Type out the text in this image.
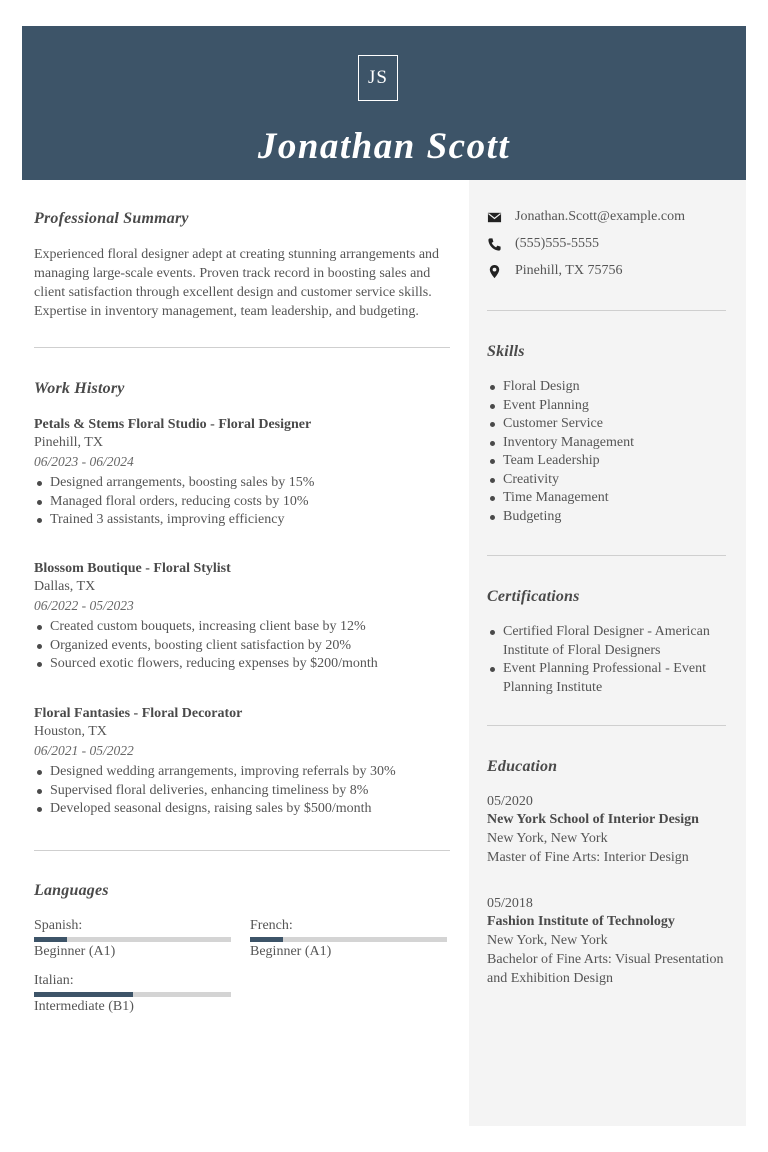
JS
Jonathan Scott
Jonathan.Scott@example.com
(555)555-5555
Pinehill, TX 75756
Skills
Floral Design
Event Planning
Customer Service
Inventory Management
Team Leadership
Creativity
Time Management
Budgeting
Certifications
Certified Floral Designer - American Institute of Floral Designers
Event Planning Professional - Event Planning Institute
Education
05/2020
New York School of Interior Design
New York, New York
Master of Fine Arts: Interior Design
05/2018
Fashion Institute of Technology
New York, New York
Bachelor of Fine Arts: Visual Presentation and Exhibition Design
Professional Summary

Experienced floral designer adept at creating stunning arrangements and managing large-scale events. Proven track record in boosting sales and client satisfaction through excellent design and customer service skills. Expertise in inventory management, team leadership, and budgeting.

Work History
Petals & Stems Floral Studio - Floral Designer
Pinehill, TX
06/2023 - 06/2024
Designed arrangements, boosting sales by 15%
Managed floral orders, reducing costs by 10%
Trained 3 assistants, improving efficiency
Blossom Boutique - Floral Stylist
Dallas, TX
06/2022 - 05/2023
Created custom bouquets, increasing client base by 12%
Organized events, boosting client satisfaction by 20%
Sourced exotic flowers, reducing expenses by $200/month
Floral Fantasies - Floral Decorator
Houston, TX
06/2021 - 05/2022
Designed wedding arrangements, improving referrals by 30%
Supervised floral deliveries, enhancing timeliness by 8%
Developed seasonal designs, raising sales by $500/month
Languages
Spanish:
Beginner (A1)
French:
Beginner (A1)
Italian:
Intermediate (B1)
